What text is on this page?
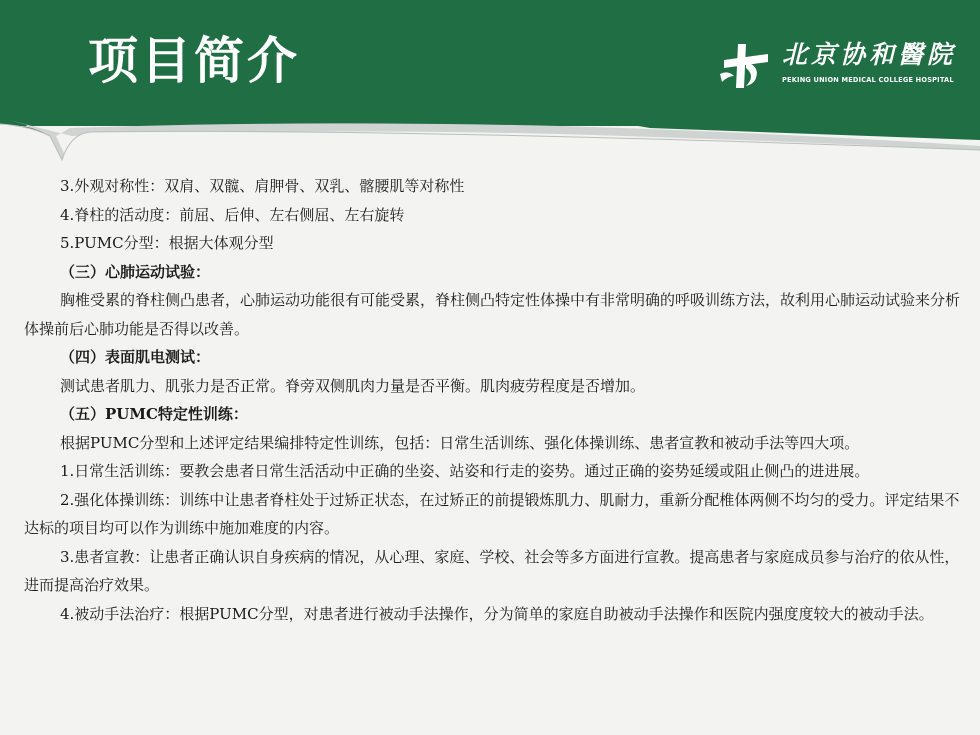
项目简介	北京协和醫院
PEKING UNION MEDICAL COLLEGE HOSPITAL

3.外观对称性：双肩、双髋、肩胛骨、双乳、髂腰肌等对称性

4.脊柱的活动度：前屈、后伸、左右侧屈、左右旋转

5.PUMC分型：根据大体观分型

（三）心肺运动试验：

胸椎受累的脊柱侧凸患者，心肺运动功能很有可能受累，脊柱侧凸特定性体操中有非常明确的呼吸训练方法，故利用心肺运动试验来分析体操前后心肺功能是否得以改善。

（四）表面肌电测试：

测试患者肌力、肌张力是否正常。脊旁双侧肌肉力量是否平衡。肌肉疲劳程度是否增加。

（五）PUMC特定性训练：

根据PUMC分型和上述评定结果编排特定性训练，包括：日常生活训练、强化体操训练、患者宣教和被动手法等四大项。

1.日常生活训练：要教会患者日常生活活动中正确的坐姿、站姿和行走的姿势。通过正确的姿势延缓或阻止侧凸的进进展。

2.强化体操训练：训练中让患者脊柱处于过矫正状态，在过矫正的前提锻炼肌力、肌耐力，重新分配椎体两侧不均匀的受力。评定结果不达标的项目均可以作为训练中施加难度的内容。

3.患者宣教：让患者正确认识自身疾病的情况，从心理、家庭、学校、社会等多方面进行宣教。提高患者与家庭成员参与治疗的依从性，进而提高治疗效果。

4.被动手法治疗：根据PUMC分型，对患者进行被动手法操作，分为简单的家庭自助被动手法操作和医院内强度度较大的被动手法。
